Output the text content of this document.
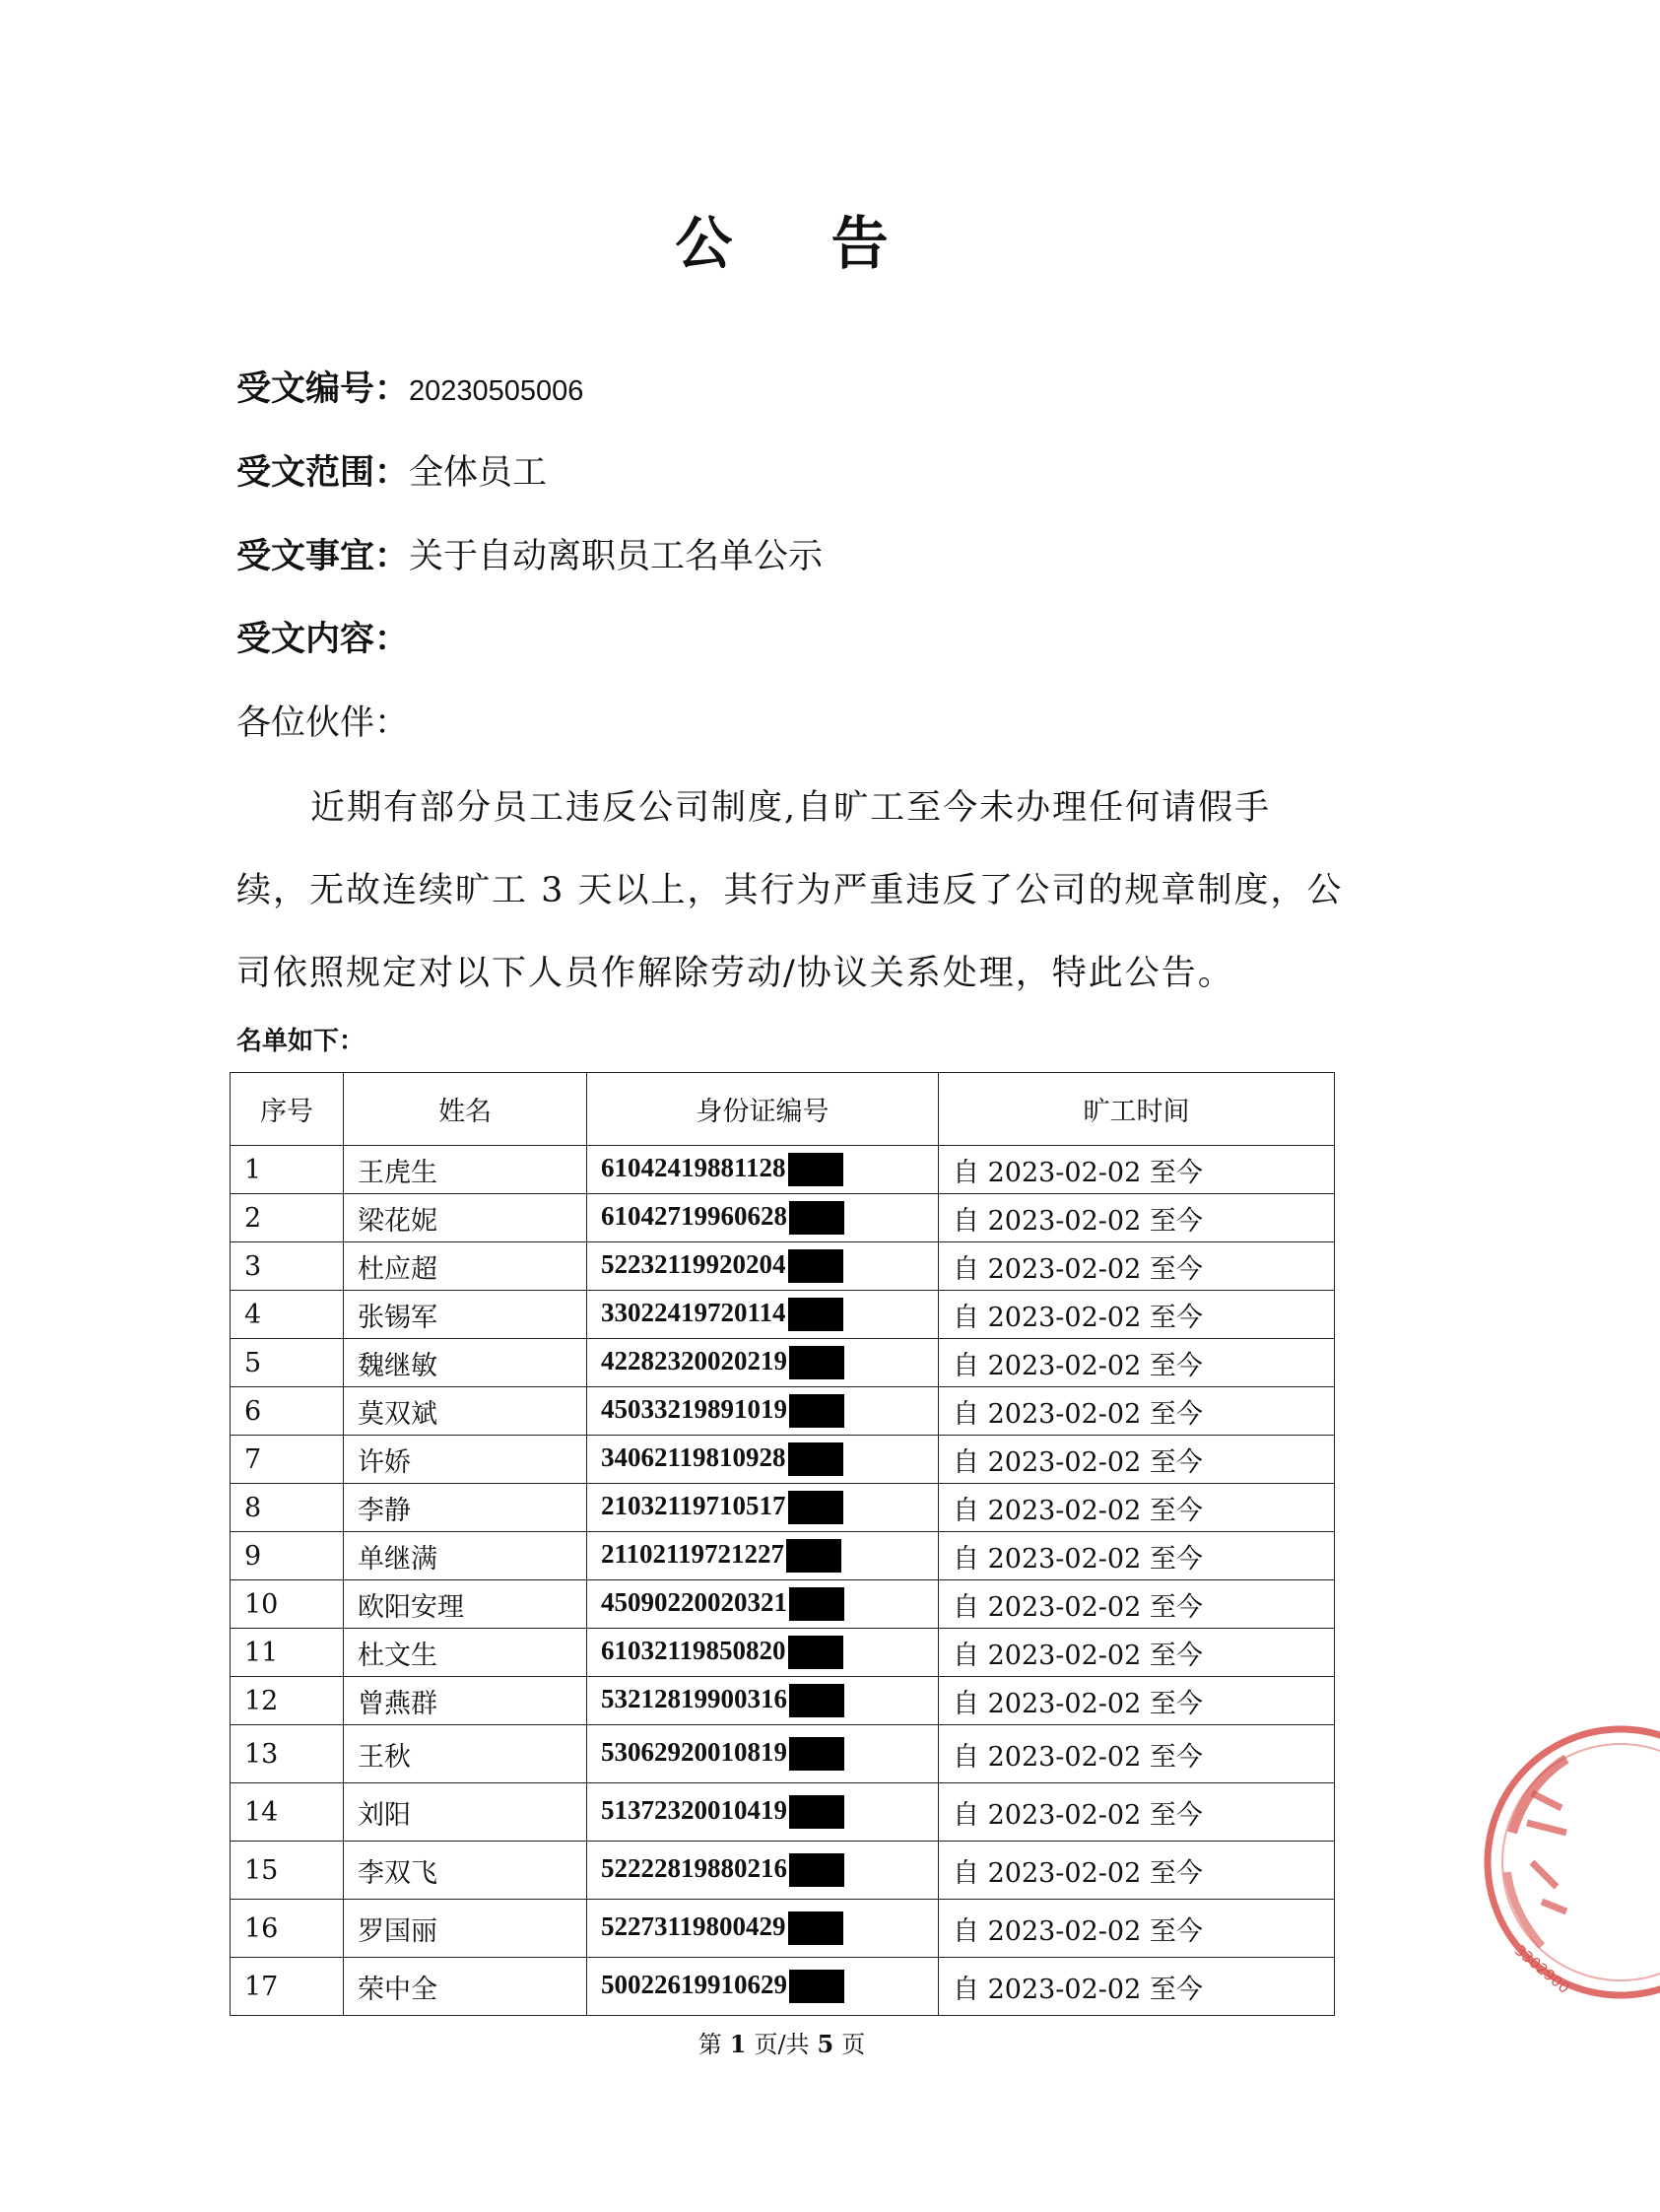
公 告
受文编号：20230505006
受文范围：全体员工
受文事宜：关于自动离职员工名单公示
受文内容：
各位伙伴：
近期有部分员工违反公司制度,自旷工至今未办理任何请假手
续，无故连续旷工 3 天以上，其行为严重违反了公司的规章制度，公
司依照规定对以下人员作解除劳动/协议关系处理，特此公告。
名单如下：
序号	姓名	身份证编号	旷工时间
1	王虎生	61042419881128	自 2023-02-02 至今
2	梁花妮	61042719960628	自 2023-02-02 至今
3	杜应超	52232119920204	自 2023-02-02 至今
4	张锡军	33022419720114	自 2023-02-02 至今
5	魏继敏	42282320020219	自 2023-02-02 至今
6	莫双斌	45033219891019	自 2023-02-02 至今
7	许娇	34062119810928	自 2023-02-02 至今
8	李静	21032119710517	自 2023-02-02 至今
9	单继满	21102119721227	自 2023-02-02 至今
10	欧阳安理	45090220020321	自 2023-02-02 至今
11	杜文生	61032119850820	自 2023-02-02 至今
12	曾燕群	53212819900316	自 2023-02-02 至今
13	王秋	53062920010819	自 2023-02-02 至今
14	刘阳	51372320010419	自 2023-02-02 至今
15	李双飞	52222819880216	自 2023-02-02 至今
16	罗国丽	52273119800429	自 2023-02-02 至今
17	荣中全	50022619910629	自 2023-02-02 至今
第 1 页/共 5 页
3302900
